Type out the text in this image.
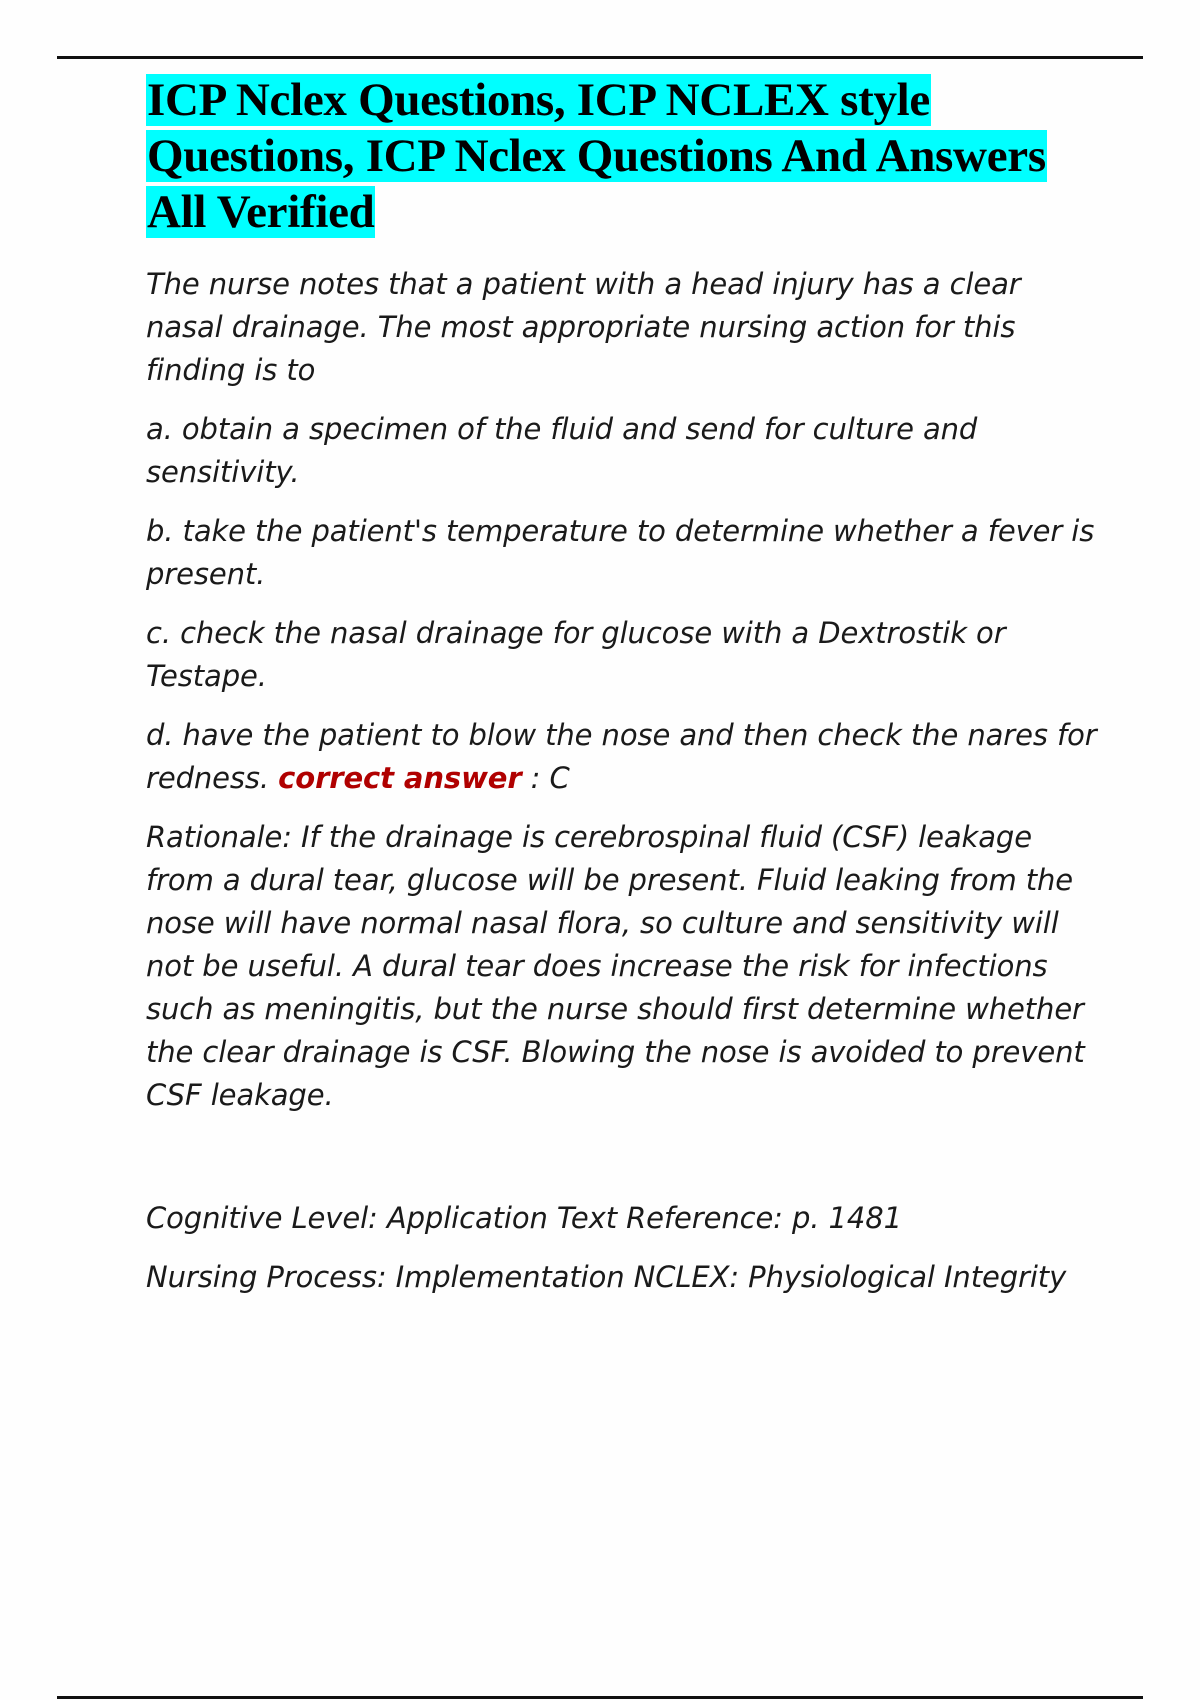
ICP Nclex Questions, ICP NCLEX style Questions, ICP Nclex Questions And Answers All Verified

The nurse notes that a patient with a head injury has a clear nasal drainage. The most appropriate nursing action for this finding is to

a. obtain a specimen of the fluid and send for culture and sensitivity.

b. take the patient's temperature to determine whether a fever is present.

c. check the nasal drainage for glucose with a Dextrostik or Testape.

d. have the patient to blow the nose and then check the nares for redness. correct answer : C

Rationale: If the drainage is cerebrospinal fluid (CSF) leakage from a dural tear, glucose will be present. Fluid leaking from the nose will have normal nasal flora, so culture and sensitivity will not be useful. A dural tear does increase the risk for infections such as meningitis, but the nurse should first determine whether the clear drainage is CSF. Blowing the nose is avoided to prevent CSF leakage.

Cognitive Level: Application Text Reference: p. 1481

Nursing Process: Implementation NCLEX: Physiological Integrity
